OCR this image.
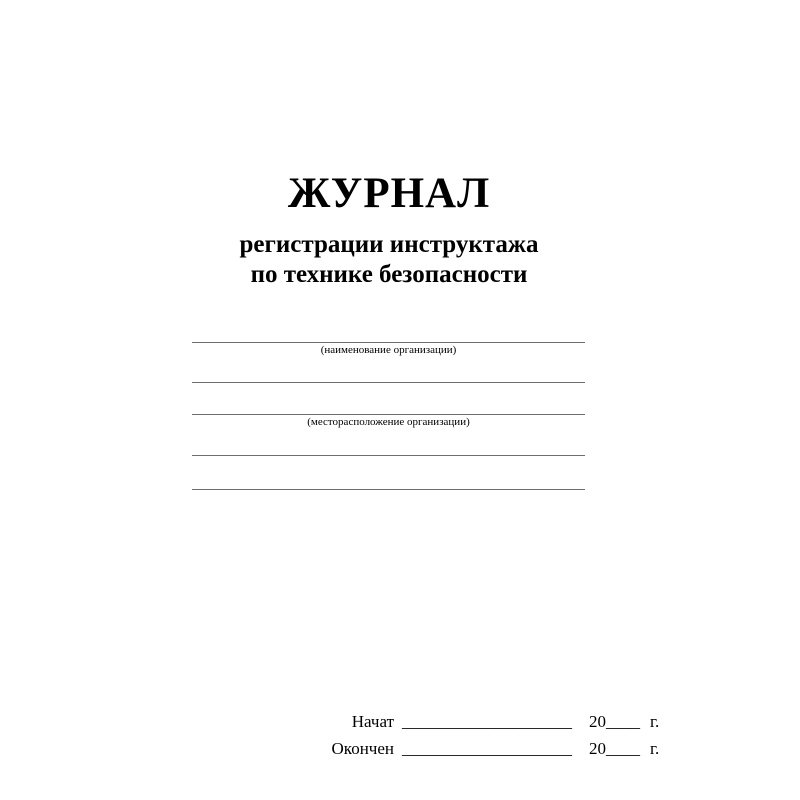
ЖУРНАЛ
регистрации инструктажа
по технике безопасности
(наименование организации)
(месторасположение организации)
Начат ____________________ 20____ г.
Окончен ____________________ 20____ г.
